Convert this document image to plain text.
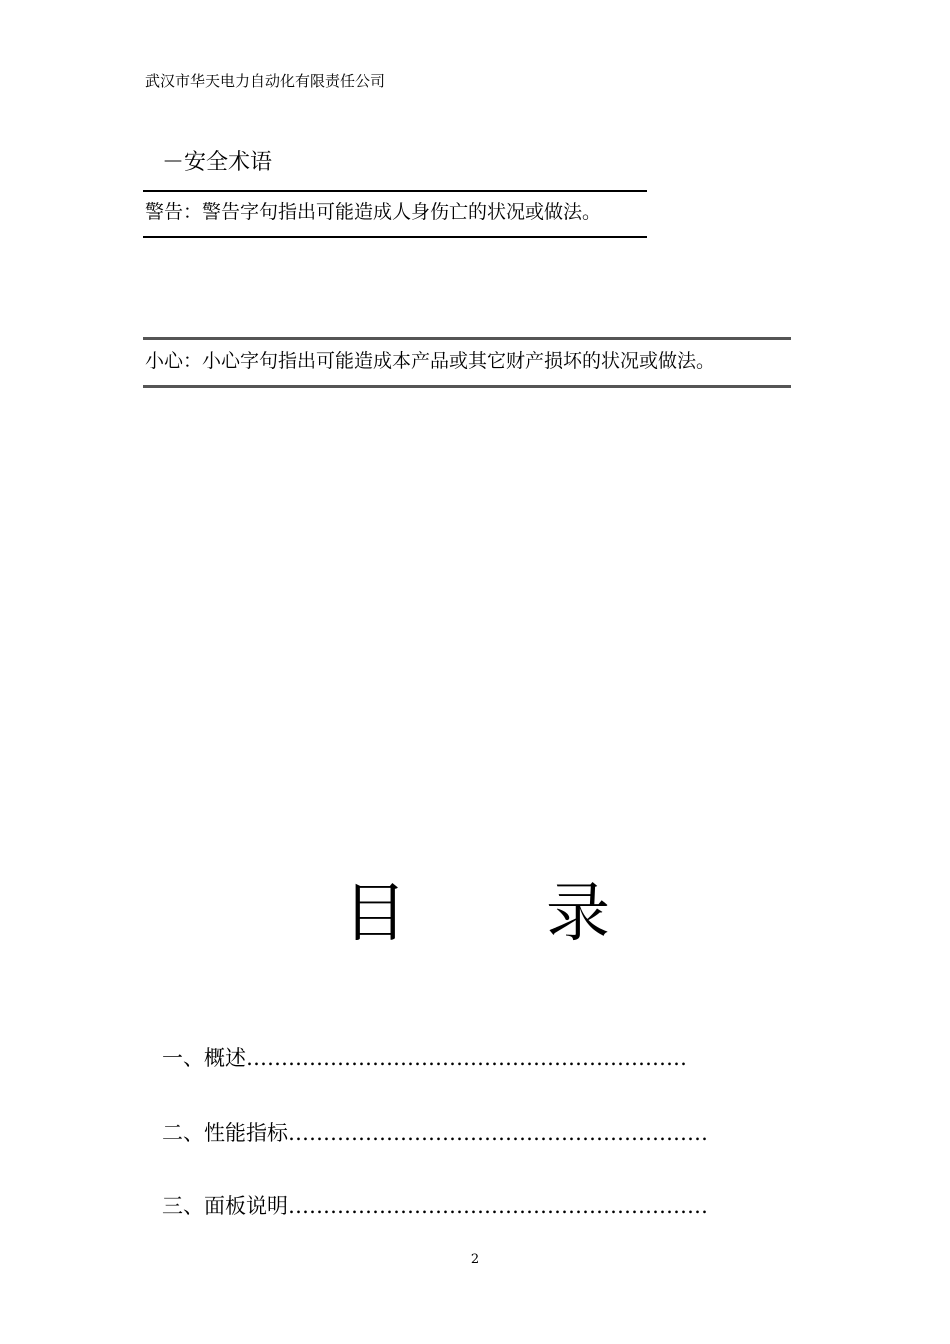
武汉市华天电力自动化有限责任公司
－安全术语
警告：警告字句指出可能造成人身伤亡的状况或做法。
小心：小心字句指出可能造成本产品或其它财产损坏的状况或做法。
目 录
一、概述………………………………………………………
二、性能指标……………………………………………………
三、面板说明……………………………………………………
2
